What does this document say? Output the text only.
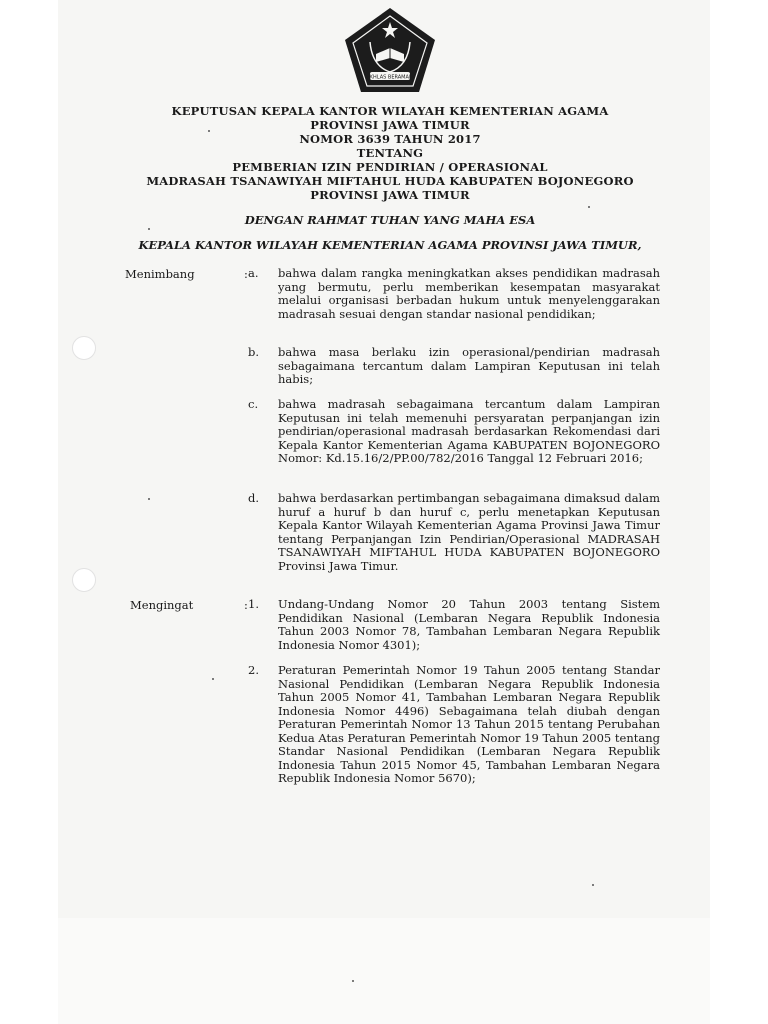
IKHLAS BERAMAL
KEPUTUSAN KEPALA KANTOR WILAYAH KEMENTERIAN AGAMA
PROVINSI JAWA TIMUR
NOMOR 3639 TAHUN 2017
TENTANG
PEMBERIAN IZIN PENDIRIAN / OPERASIONAL
MADRASAH TSANAWIYAH MIFTAHUL HUDA KABUPATEN BOJONEGORO
PROVINSI JAWA TIMUR
DENGAN RAHMAT TUHAN YANG MAHA ESA
KEPALA KANTOR WILAYAH KEMENTERIAN AGAMA PROVINSI JAWA TIMUR,
Menimbang	: a.	bahwa dalam rangka meningkatkan akses pendidikan madrasah yang bermutu, perlu memberikan kesempatan masyarakat melalui organisasi berbadan hukum untuk menyelenggarakan madrasah sesuai dengan standar nasional pendidikan;
b.	bahwa masa berlaku izin operasional/pendirian madrasah sebagaimana tercantum dalam Lampiran Keputusan ini telah habis;
c.	bahwa madrasah sebagaimana tercantum dalam Lampiran Keputusan ini telah memenuhi persyaratan perpanjangan izin pendirian/operasional madrasah berdasarkan Rekomendasi dari Kepala Kantor Kementerian Agama KABUPATEN BOJONEGORO Nomor: Kd.15.16/2/PP.00/782/2016 Tanggal 12 Februari 2016;
d.	bahwa berdasarkan pertimbangan sebagaimana dimaksud dalam huruf a huruf b dan huruf c, perlu menetapkan Keputusan Kepala Kantor Wilayah Kementerian Agama Provinsi Jawa Timur tentang Perpanjangan Izin Pendirian/Operasional MADRASAH TSANAWIYAH MIFTAHUL HUDA KABUPATEN BOJONEGORO Provinsi Jawa Timur.
Mengingat	: 1.	Undang-Undang Nomor 20 Tahun 2003 tentang Sistem Pendidikan Nasional (Lembaran Negara Republik Indonesia Tahun 2003 Nomor 78, Tambahan Lembaran Negara Republik Indonesia Nomor 4301);
2.	Peraturan Pemerintah Nomor 19 Tahun 2005 tentang Standar Nasional Pendidikan (Lembaran Negara Republik Indonesia Tahun 2005 Nomor 41, Tambahan Lembaran Negara Republik Indonesia Nomor 4496) Sebagaimana telah diubah dengan Peraturan Pemerintah Nomor 13 Tahun 2015 tentang Perubahan Kedua Atas Peraturan Pemerintah Nomor 19 Tahun 2005 tentang Standar Nasional Pendidikan (Lembaran Negara Republik Indonesia Tahun 2015 Nomor 45, Tambahan Lembaran Negara Republik Indonesia Nomor 5670);
